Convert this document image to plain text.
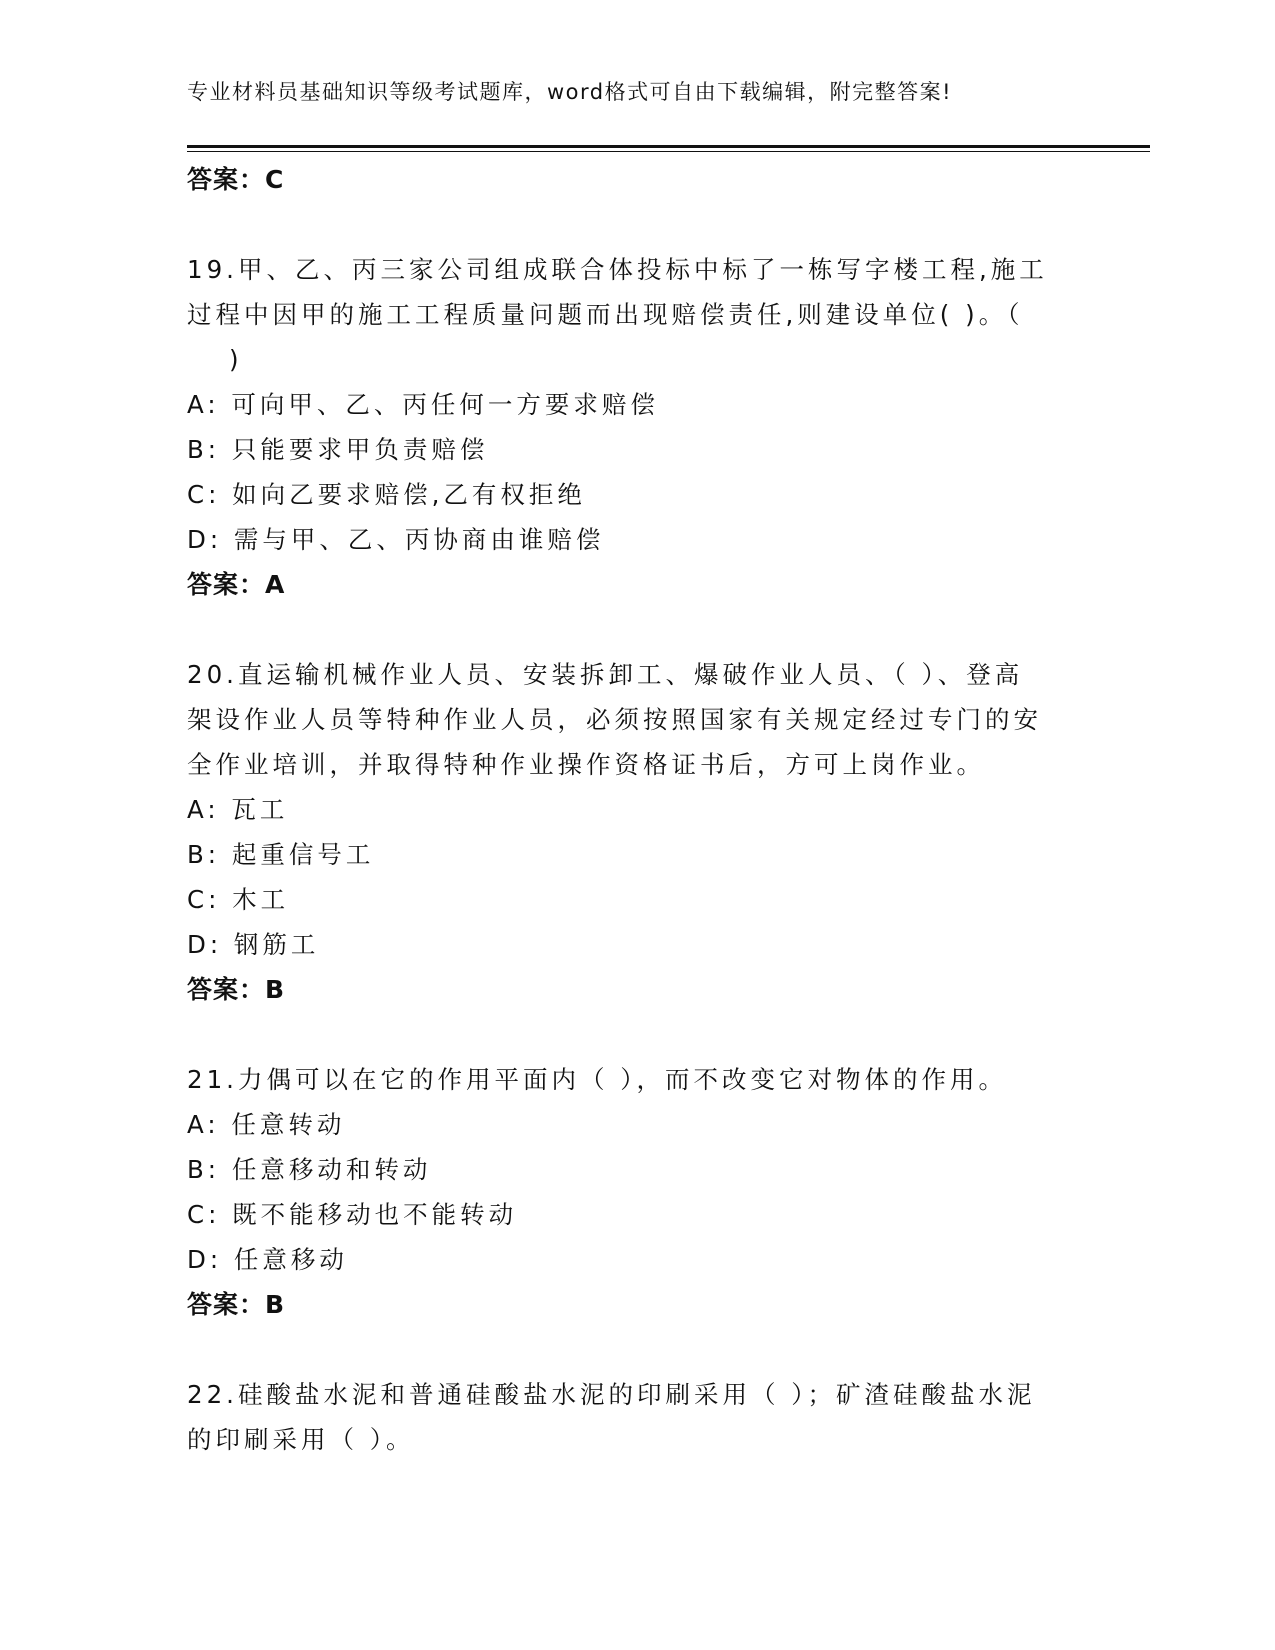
专业材料员基础知识等级考试题库，word格式可自由下载编辑，附完整答案!
答案：C
19.甲、乙、丙三家公司组成联合体投标中标了一栋写字楼工程,施工
过程中因甲的施工工程质量问题而出现赔偿责任,则建设单位( )。（
)
A: 可向甲、乙、丙任何一方要求赔偿
B: 只能要求甲负责赔偿
C: 如向乙要求赔偿,乙有权拒绝
D: 需与甲、乙、丙协商由谁赔偿
答案：A
20.直运输机械作业人员、安装拆卸工、爆破作业人员、（ ）、登高
架设作业人员等特种作业人员，必须按照国家有关规定经过专门的安
全作业培训，并取得特种作业操作资格证书后，方可上岗作业。
A: 瓦工
B: 起重信号工
C: 木工
D: 钢筋工
答案：B
21.力偶可以在它的作用平面内（ ），而不改变它对物体的作用。
A: 任意转动
B: 任意移动和转动
C: 既不能移动也不能转动
D: 任意移动
答案：B
22.硅酸盐水泥和普通硅酸盐水泥的印刷采用（ ）；矿渣硅酸盐水泥
的印刷采用（ ）。
